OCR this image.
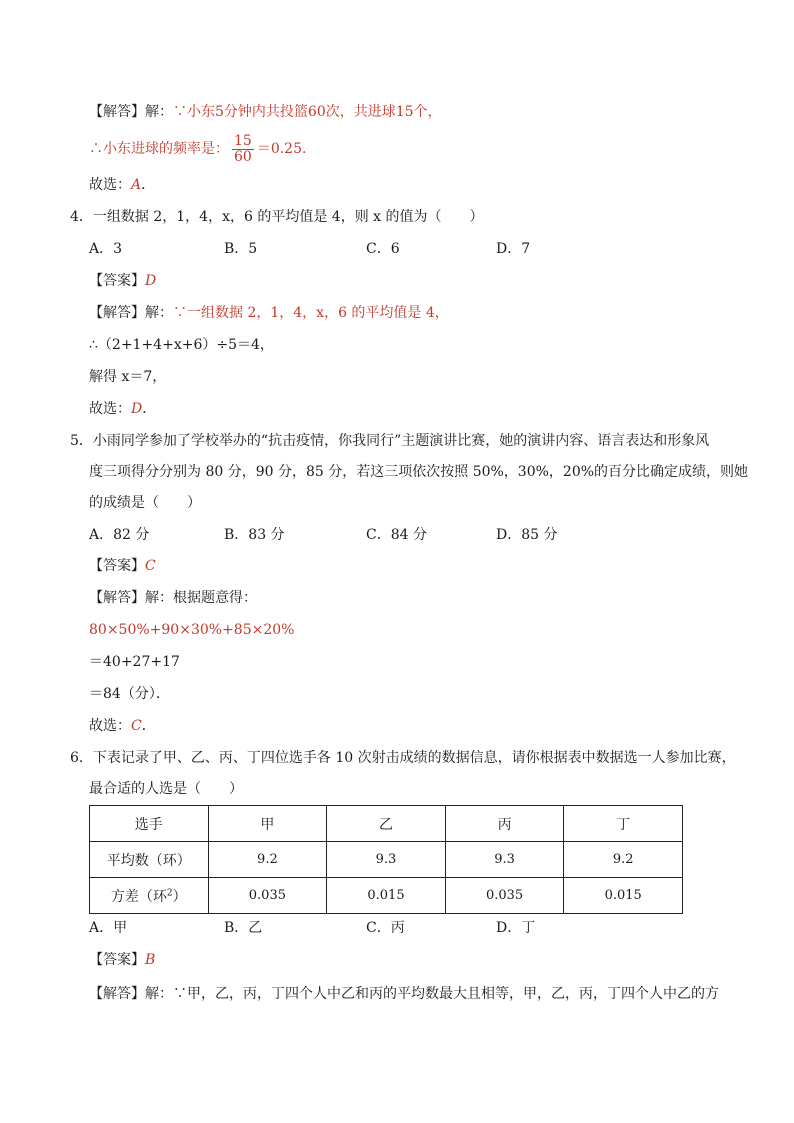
【解答】解：∵小东5分钟内共投篮60次，共进球15个，
∴小东进球的频率是： $\frac{15}{60} =0.25$．
故选：A．
4．一组数据 2，1，4，x，6 的平均值是 4，则 x 的值为（　　）
A．3	B．5	C．6	D．7
【答案】D
【解答】解：∵一组数据 2，1，4，x，6 的平均值是 4，
∴（2+1+4+x+6）÷5＝4，
解得 x＝7，
故选：D．
5．小雨同学参加了学校举办的“抗击疫情，你我同行”主题演讲比赛，她的演讲内容、语言表达和形象风
度三项得分分别为 80 分，90 分，85 分，若这三项依次按照 50%，30%，20%的百分比确定成绩，则她
的成绩是（　　）
A．82 分	B．83 分	C．84 分	D．85 分
【答案】C
【解答】解：根据题意得：
80×50%+90×30%+85×20%
＝40+27+17
＝84（分）．
故选：C．
6．下表记录了甲、乙、丙、丁四位选手各 10 次射击成绩的数据信息，请你根据表中数据选一人参加比赛，
最合适的人选是（　　）
选手	甲	乙	丙	丁
平均数（环）	9.2	9.3	9.3	9.2
方差（环$^2$）	0.035	0.015	0.035	0.015
A．甲	B．乙	C．丙	D．丁
【答案】B
【解答】解：∵甲，乙，丙，丁四个人中乙和丙的平均数最大且相等，甲，乙，丙，丁四个人中乙的方
